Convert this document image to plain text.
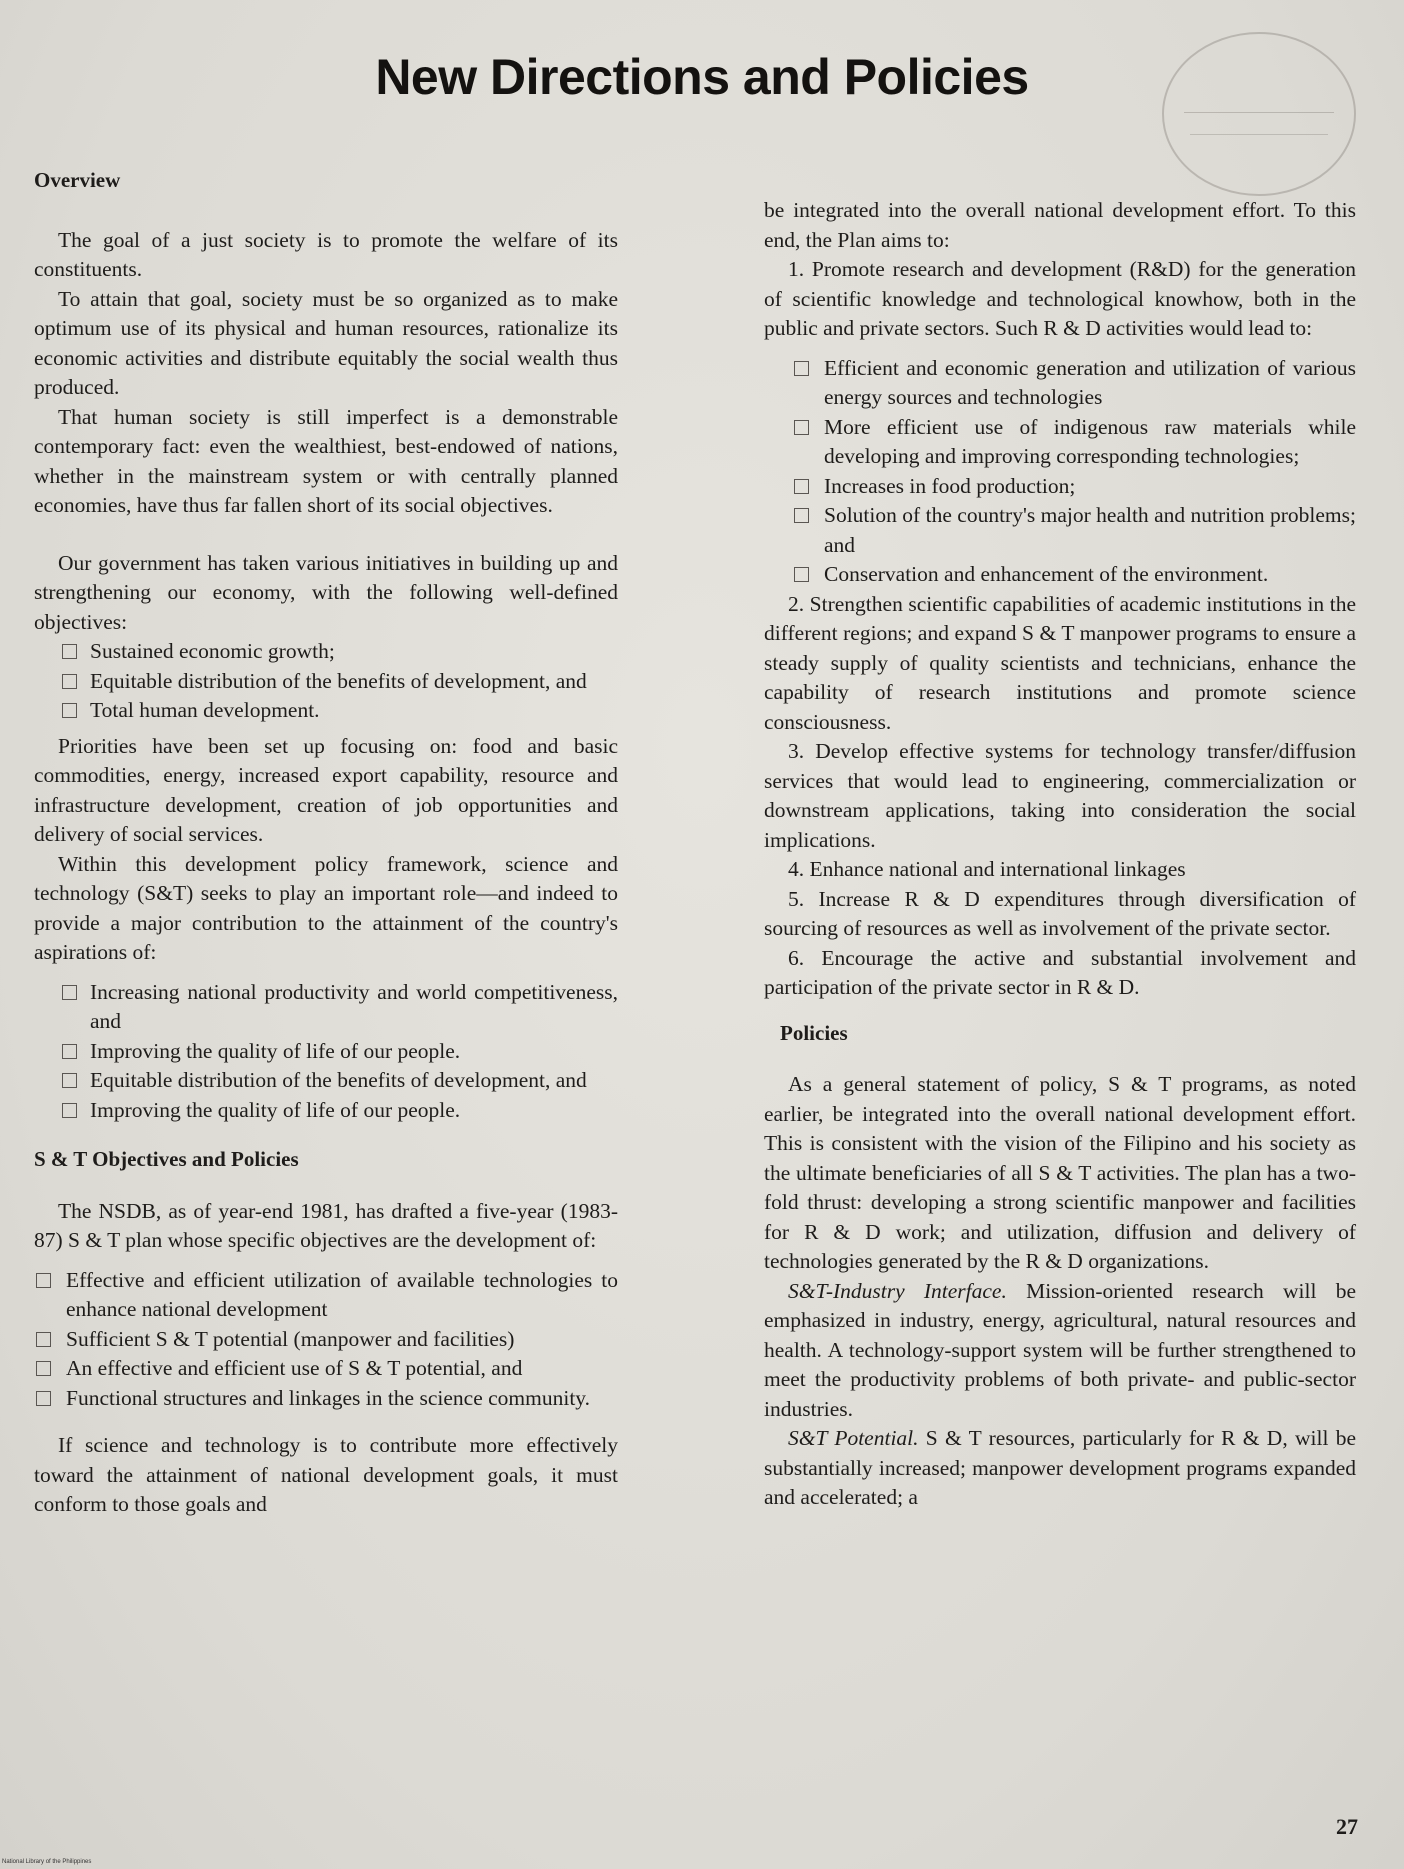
New Directions and Policies
Overview

The goal of a just society is to promote the welfare of its constituents.

To attain that goal, society must be so organized as to make optimum use of its physical and human resources, rationalize its economic activities and distribute equitably the social wealth thus produced.

That human society is still imperfect is a demonstrable contemporary fact: even the wealthiest, best-endowed of nations, whether in the mainstream system or with centrally planned economies, have thus far fallen short of its social objectives.

Our government has taken various initiatives in building up and strengthening our economy, with the following well-defined objectives:

Sustained economic growth;
Equitable distribution of the benefits of development, and
Total human development.

Priorities have been set up focusing on: food and basic commodities, energy, increased export capability, resource and infrastructure development, creation of job opportunities and delivery of social services.

Within this development policy framework, science and technology (S&T) seeks to play an important role—and indeed to provide a major contribution to the attainment of the country's aspirations of:

Increasing national productivity and world competitiveness, and
Improving the quality of life of our people.
Equitable distribution of the benefits of development, and
Improving the quality of life of our people.
S & T Objectives and Policies

The NSDB, as of year-end 1981, has drafted a five-year (1983-87) S & T plan whose specific objectives are the development of:

Effective and efficient utilization of available technologies to enhance national development
Sufficient S & T potential (manpower and facilities)
An effective and efficient use of S & T potential, and
Functional structures and linkages in the science community.

If science and technology is to contribute more effectively toward the attainment of national development goals, it must conform to those goals and

be integrated into the overall national development effort. To this end, the Plan aims to:

1. Promote research and development (R&D) for the generation of scientific knowledge and technological knowhow, both in the public and private sectors. Such R & D activities would lead to:

Efficient and economic generation and utilization of various energy sources and technologies
More efficient use of indigenous raw materials while developing and improving corresponding technologies;
Increases in food production;
Solution of the country's major health and nutrition problems; and
Conservation and enhancement of the environment.

2. Strengthen scientific capabilities of academic institutions in the different regions; and expand S & T manpower programs to ensure a steady supply of quality scientists and technicians, enhance the capability of research institutions and promote science consciousness.

3. Develop effective systems for technology transfer/diffusion services that would lead to engineering, commercialization or downstream applications, taking into consideration the social implications.

4. Enhance national and international linkages

5. Increase R & D expenditures through diversification of sourcing of resources as well as involvement of the private sector.

6. Encourage the active and substantial involvement and participation of the private sector in R & D.

Policies

As a general statement of policy, S & T programs, as noted earlier, be integrated into the overall national development effort. This is consistent with the vision of the Filipino and his society as the ultimate beneficiaries of all S & T activities. The plan has a two-fold thrust: developing a strong scientific manpower and facilities for R & D work; and utilization, diffusion and delivery of technologies generated by the R & D organizations.

S&T-Industry Interface. Mission-oriented research will be emphasized in industry, energy, agricultural, natural resources and health. A technology-support system will be further strengthened to meet the productivity problems of both private- and public-sector industries.

S&T Potential. S & T resources, particularly for R & D, will be substantially increased; manpower development programs expanded and accelerated; a

27
National Library of the Philippines
